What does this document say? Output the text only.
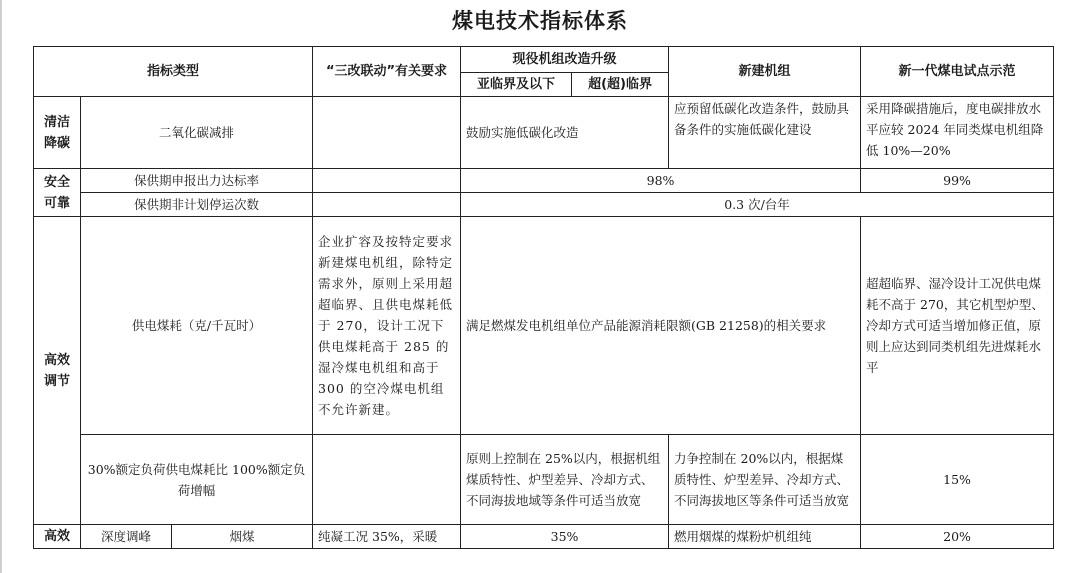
煤电技术指标体系
指标类型			“三改联动”有关要求	现役机组改造升级		新建机组	新一代煤电试点示范
				亚临界及以下	超(超)临界		
清洁降碳	二氧化碳减排			鼓励实施低碳化改造		应预留低碳化改造条件，鼓励具备条件的实施低碳化建设	采用降碳措施后，度电碳排放水平应较 2024 年同类煤电机组降低 10%—20%
安全可靠	保供期申报出力达标率			98%			99%
	保供期非计划停运次数			0.3 次/台年			
高效调节	供电煤耗（克/千瓦时）		企业扩容及按特定要求新建煤电机组，除特定需求外，原则上采用超超临界、且供电煤耗低于 270，设计工况下供电煤耗高于 285 的湿冷煤电机组和高于 300 的空冷煤电机组不允许新建。	满足燃煤发电机组单位产品能源消耗限额(GB 21258)的相关要求			超超临界、湿冷设计工况供电煤耗不高于 270，其它机型炉型、冷却方式可适当增加修正值，原则上应达到同类机组先进煤耗水平
	30%额定负荷供电煤耗比 100%额定负荷增幅			原则上控制在 25%以内，根据机组煤质特性、炉型差异、冷却方式、不同海拔地域等条件可适当放宽		力争控制在 20%以内，根据煤质特性、炉型差异、冷却方式、不同海拔地区等条件可适当放宽	15%
高效	深度调峰	烟煤	纯凝工况 35%，采暖	35%		燃用烟煤的煤粉炉机组纯	20%
